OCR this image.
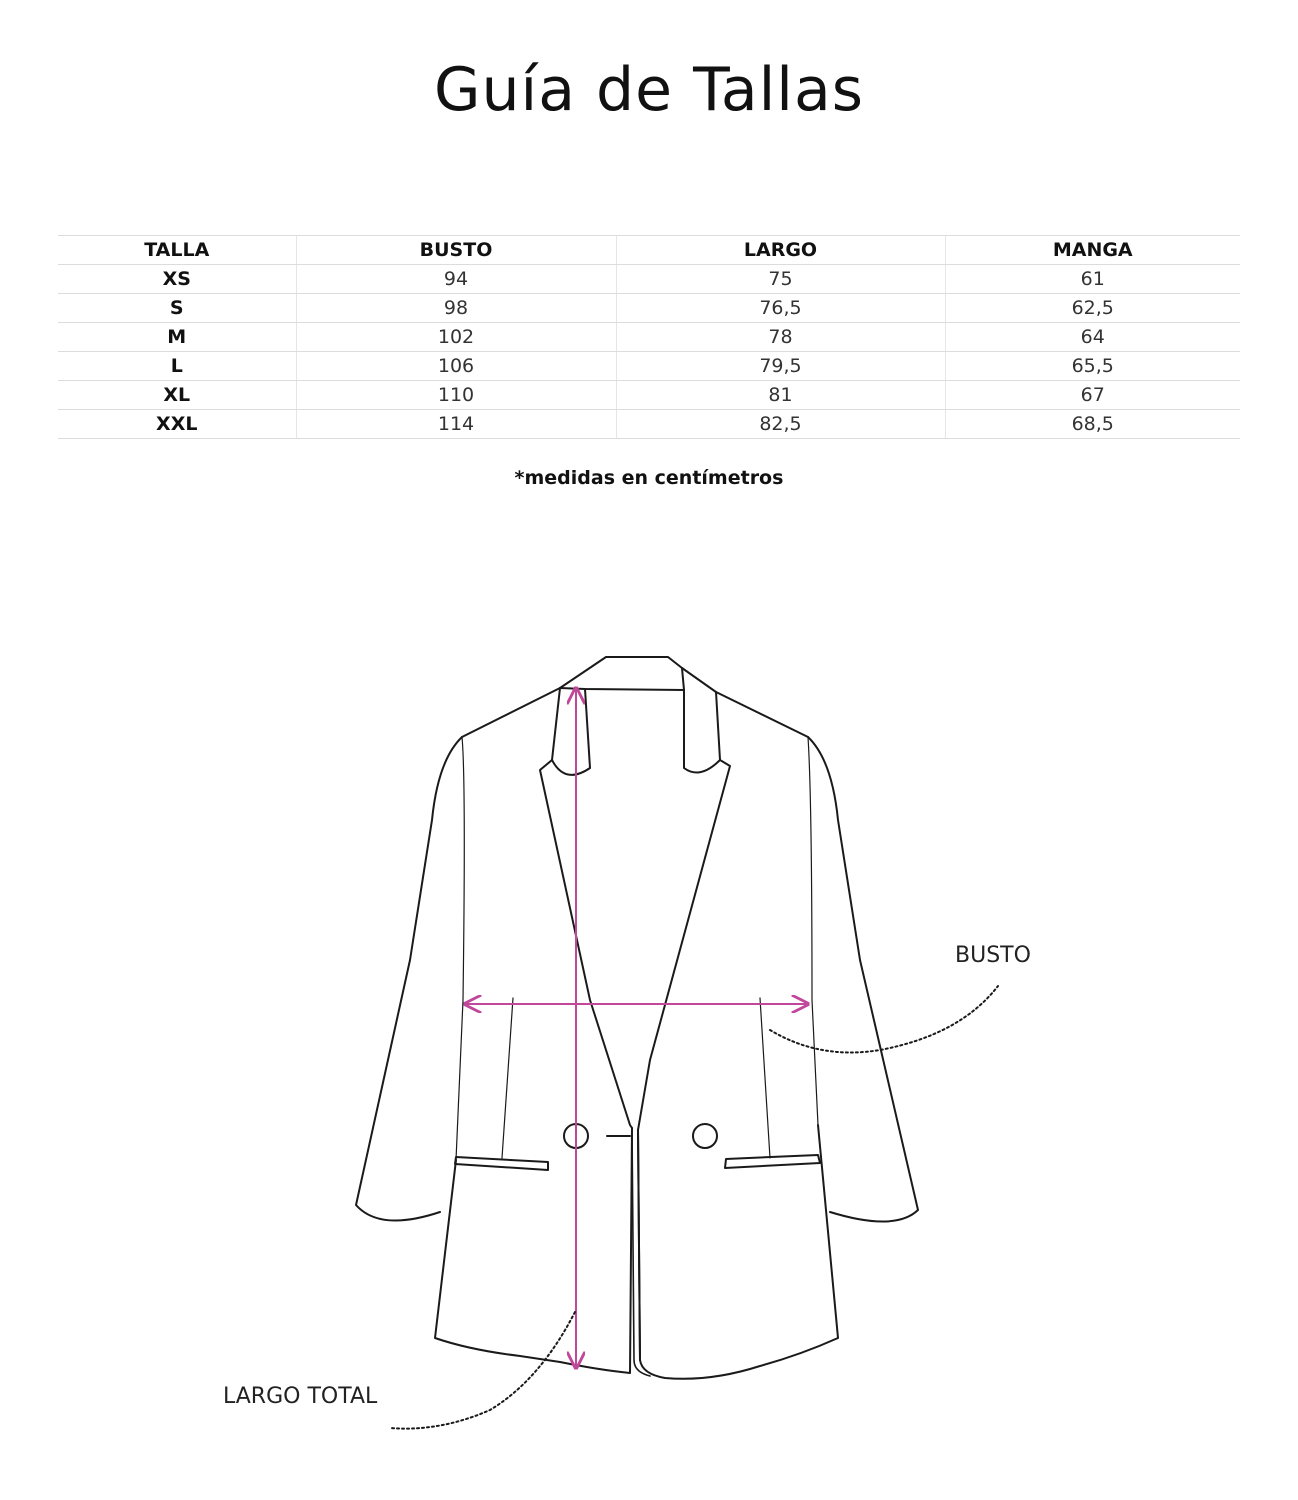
Guía de Tallas
TALLA	BUSTO	LARGO	MANGA
XS	94	75	61
S	98	76,5	62,5
M	102	78	64
L	106	79,5	65,5
XL	110	81	67
XXL	114	82,5	68,5
*medidas en centímetros
BUSTO
LARGO TOTAL
